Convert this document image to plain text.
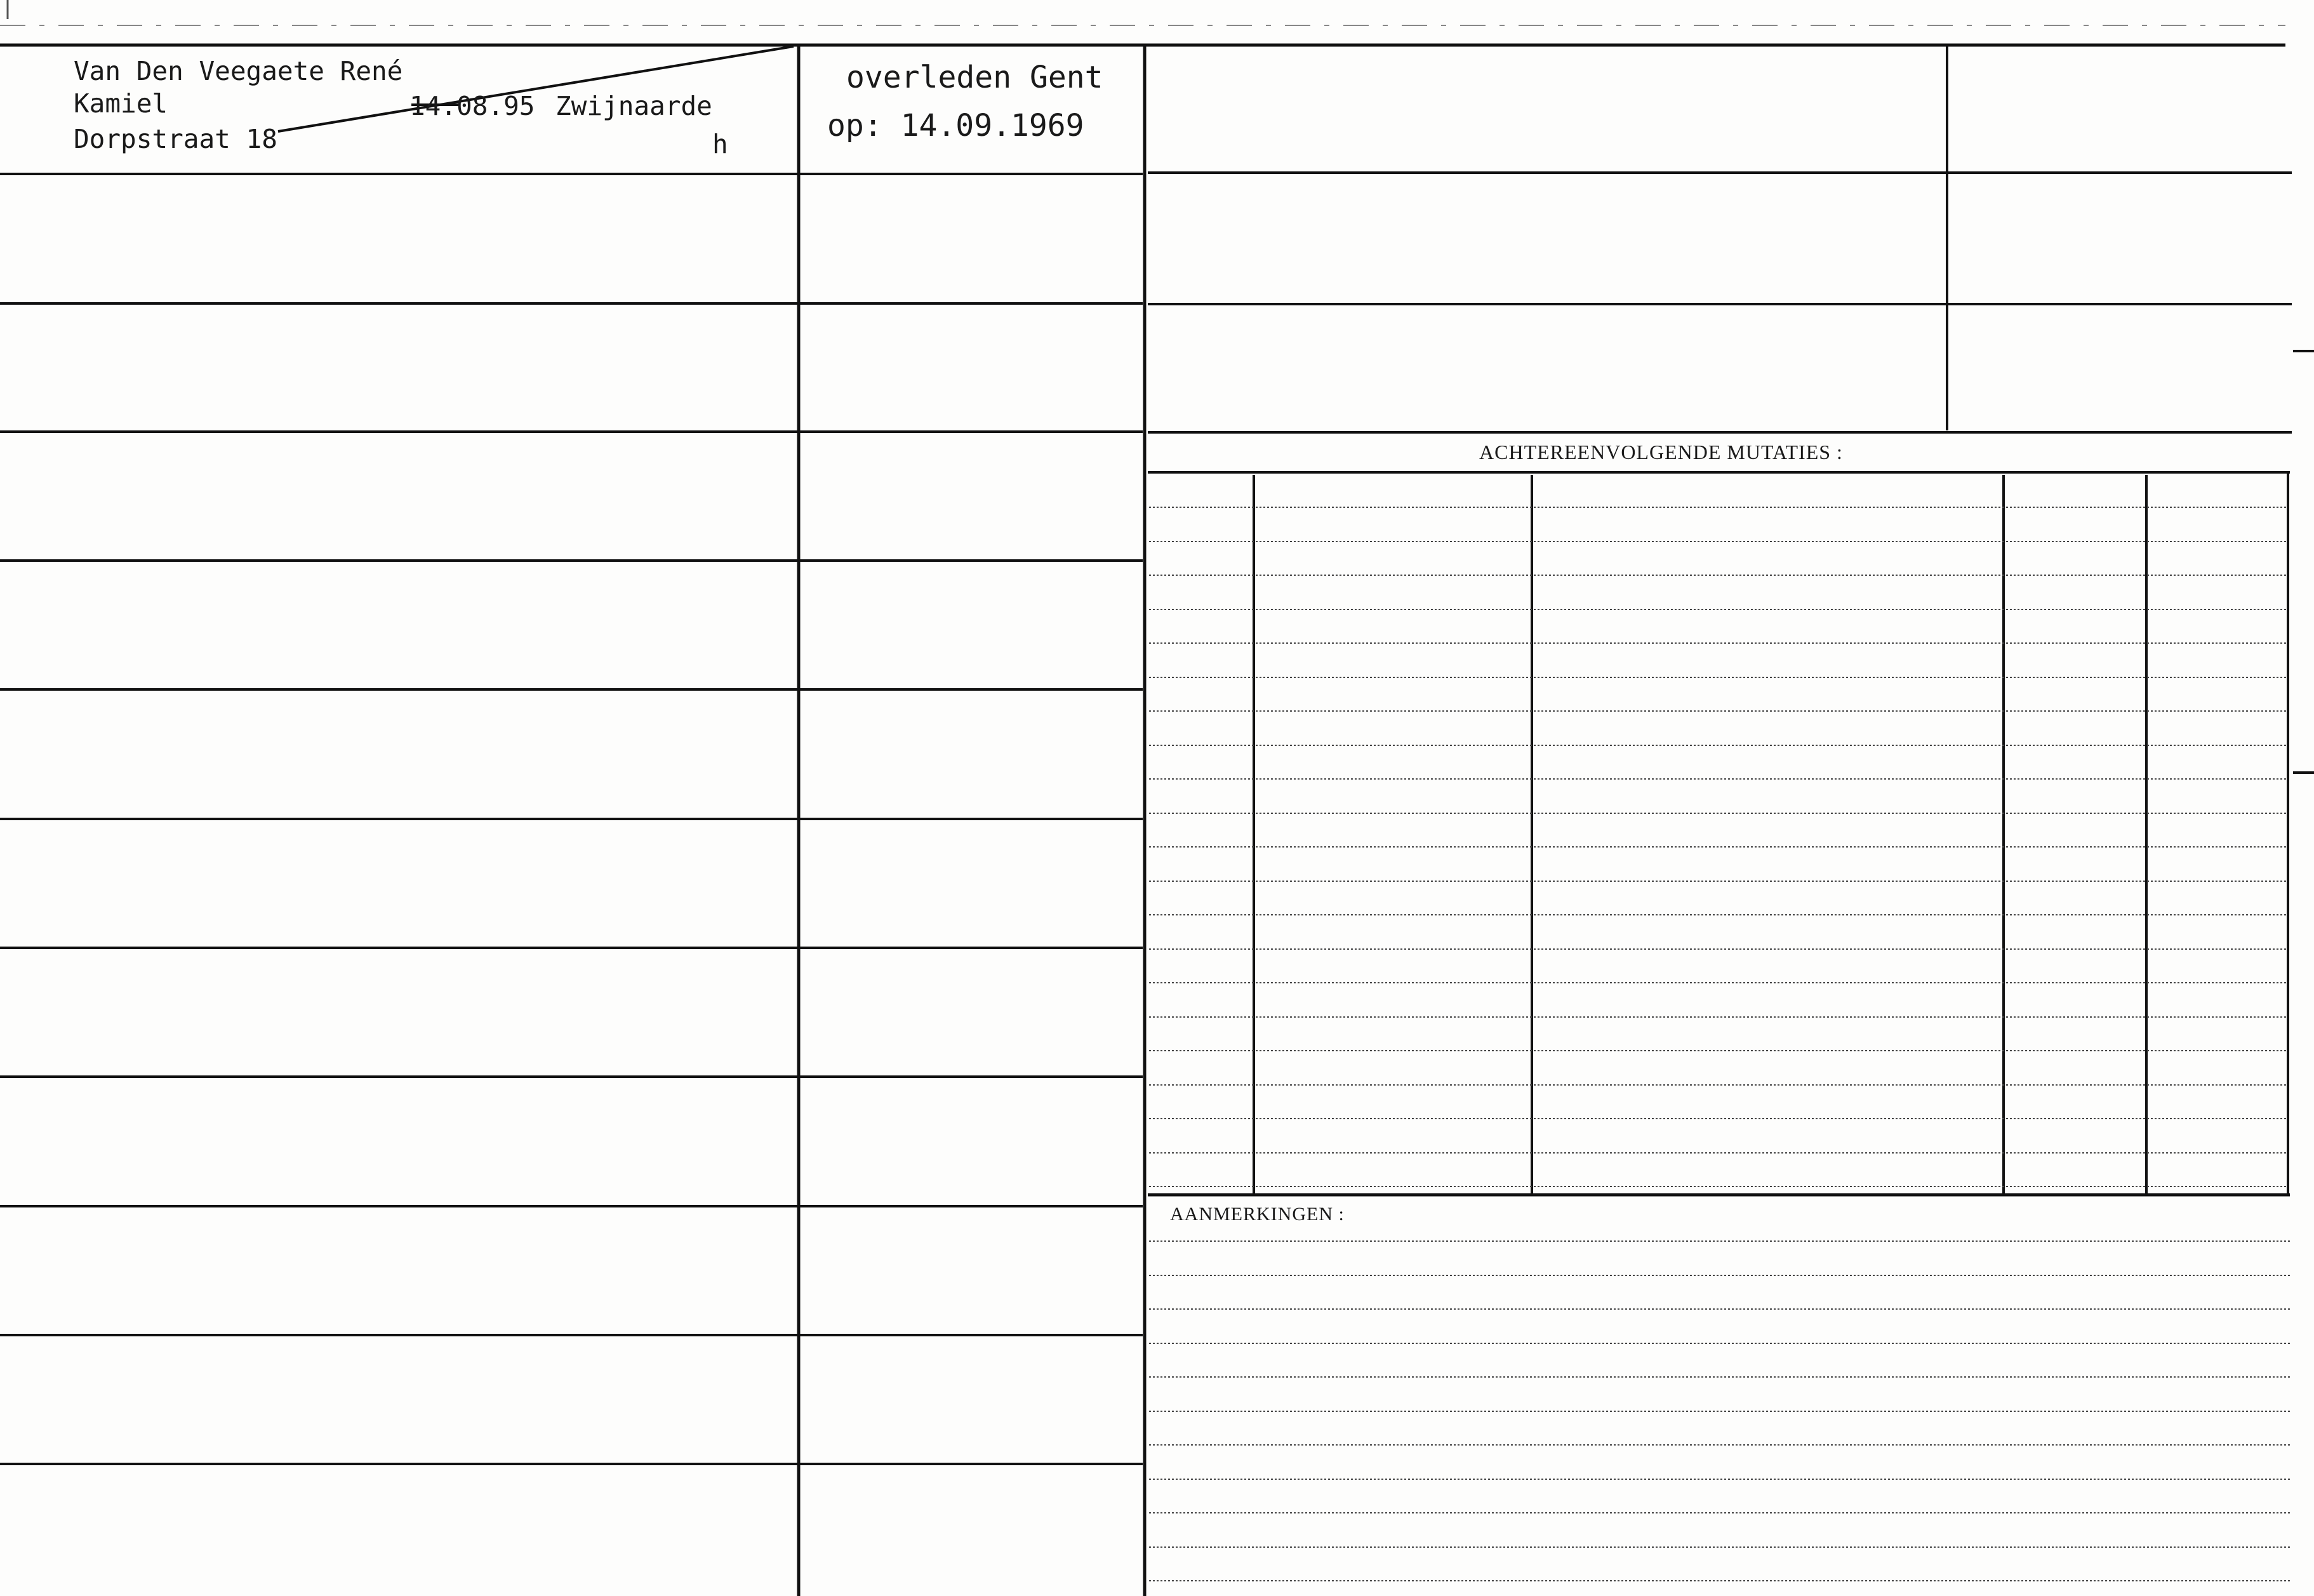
Van Den Veegaete René
Kamiel	14.08.95 Zwijnaarde
Dorpstraat 18	h
overleden Gent
op: 14.09.1969
ACHTEREENVOLGENDE MUTATIES :
AANMERKINGEN :
